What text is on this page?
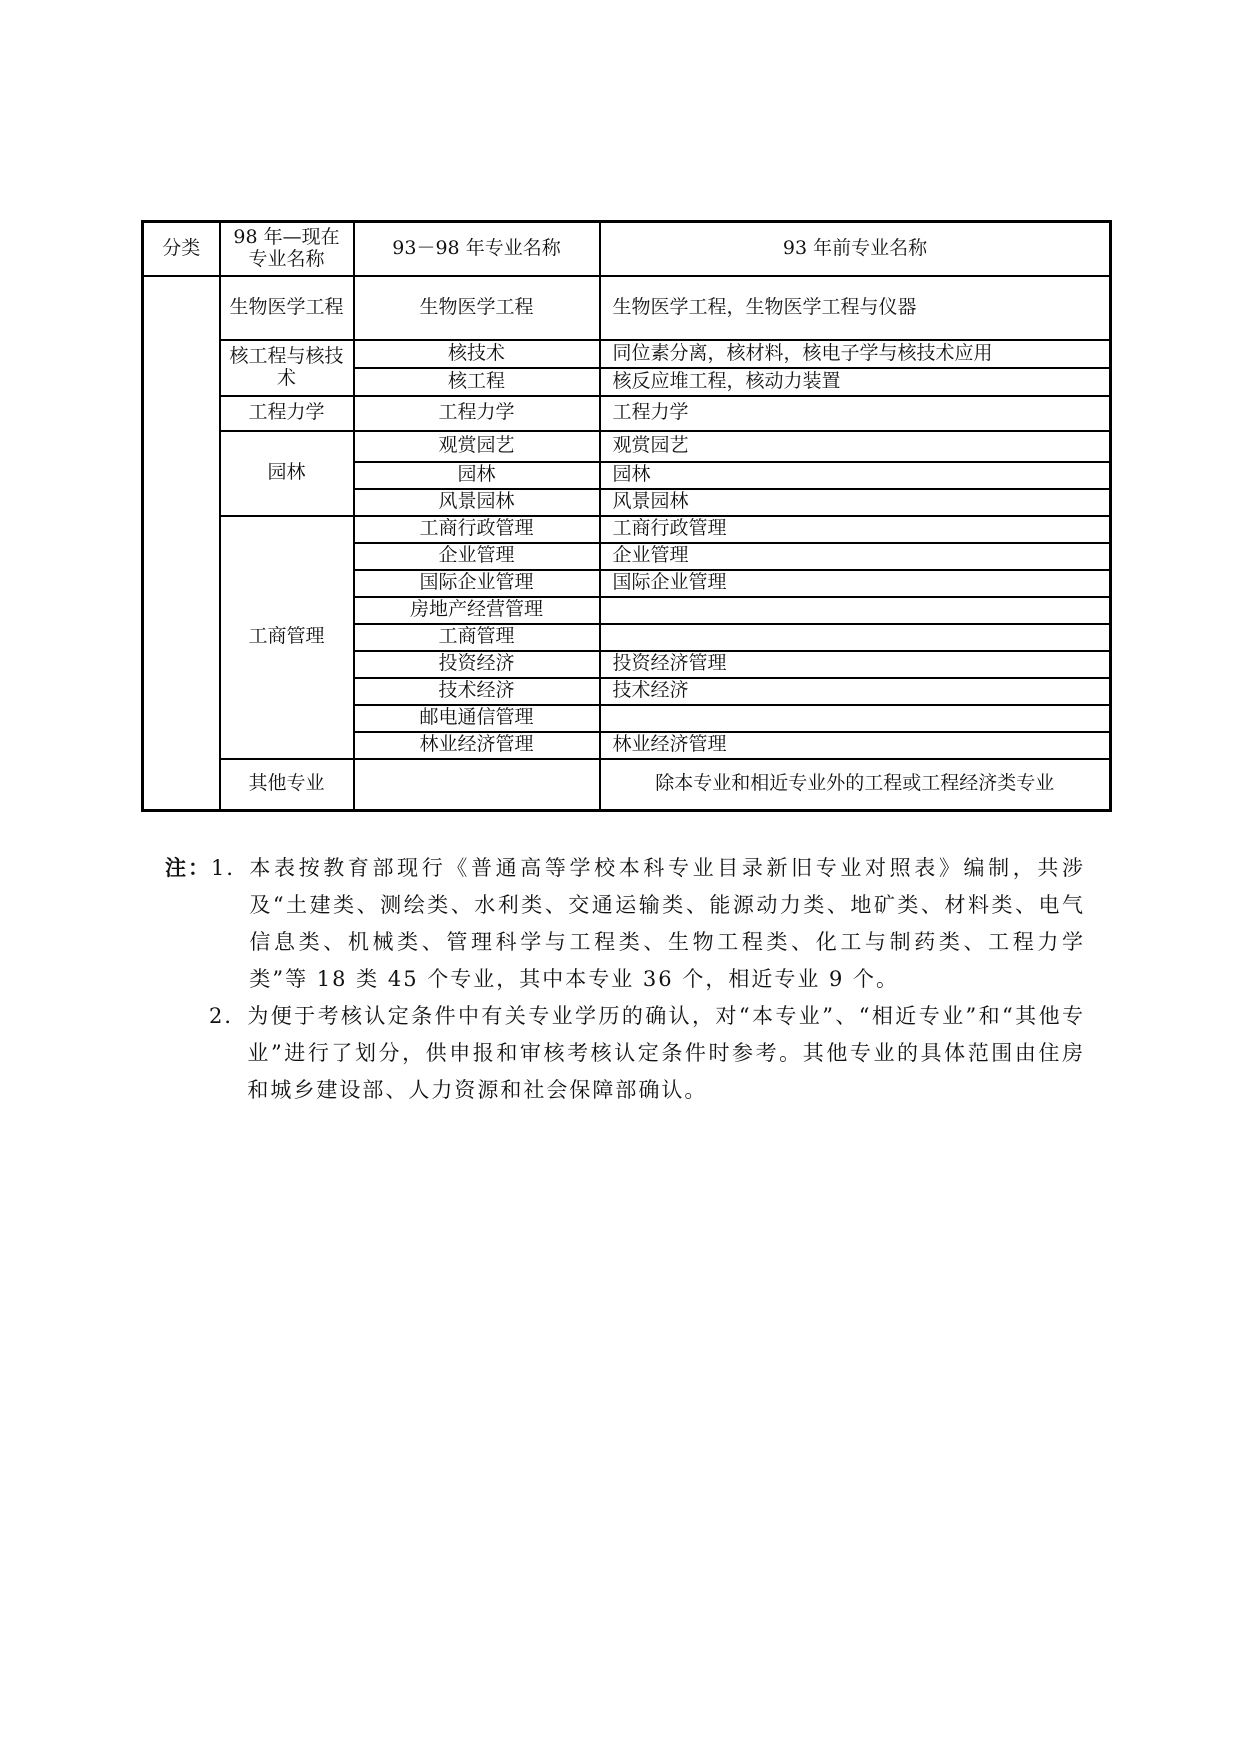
分类	98 年—现在专业名称	93－98 年专业名称	93 年前专业名称
	生物医学工程	生物医学工程	生物医学工程，生物医学工程与仪器
	核工程与核技术	核技术	同位素分离，核材料，核电子学与核技术应用
		核工程	核反应堆工程，核动力装置
	工程力学	工程力学	工程力学
	园林	观赏园艺	观赏园艺
		园林	园林
		风景园林	风景园林
	工商管理	工商行政管理	工商行政管理
		企业管理	企业管理
		国际企业管理	国际企业管理
		房地产经营管理	
		工商管理	
		投资经济	投资经济管理
		技术经济	技术经济
		邮电通信管理	
		林业经济管理	林业经济管理
	其他专业		除本专业和相近专业外的工程或工程经济类专业
注：1． 本表按教育部现行《普通高等学校本科专业目录新旧专业对照表》编制，共涉及“土建类、测绘类、水利类、交通运输类、能源动力类、地矿类、材料类、电气信息类、机械类、管理科学与工程类、生物工程类、化工与制药类、工程力学类”等 18 类 45 个专业，其中本专业 36 个，相近专业 9 个。
2． 为便于考核认定条件中有关专业学历的确认，对“本专业”、“相近专业”和“其他专业”进行了划分，供申报和审核考核认定条件时参考。其他专业的具体范围由住房和城乡建设部、人力资源和社会保障部确认。
